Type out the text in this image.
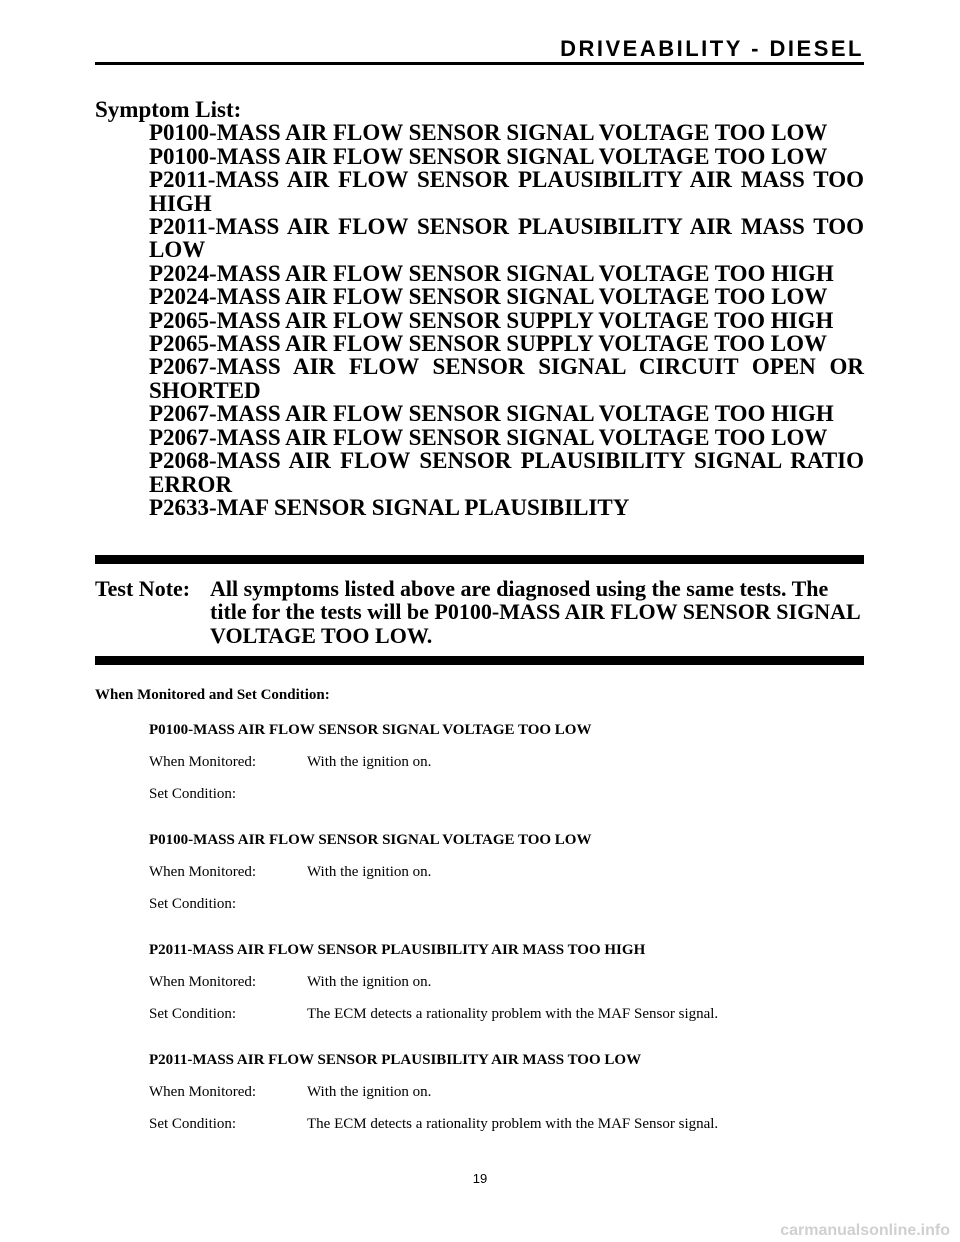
DRIVEABILITY - DIESEL
Symptom List:
P0100-MASS AIR FLOW SENSOR SIGNAL VOLTAGE TOO LOW
P0100-MASS AIR FLOW SENSOR SIGNAL VOLTAGE TOO LOW
P2011-MASS AIR FLOW SENSOR PLAUSIBILITY AIR MASS TOO HIGH
P2011-MASS AIR FLOW SENSOR PLAUSIBILITY AIR MASS TOO LOW
P2024-MASS AIR FLOW SENSOR SIGNAL VOLTAGE TOO HIGH
P2024-MASS AIR FLOW SENSOR SIGNAL VOLTAGE TOO LOW
P2065-MASS AIR FLOW SENSOR SUPPLY VOLTAGE TOO HIGH
P2065-MASS AIR FLOW SENSOR SUPPLY VOLTAGE TOO LOW
P2067-MASS AIR FLOW SENSOR SIGNAL CIRCUIT OPEN OR SHORTED
P2067-MASS AIR FLOW SENSOR SIGNAL VOLTAGE TOO HIGH
P2067-MASS AIR FLOW SENSOR SIGNAL VOLTAGE TOO LOW
P2068-MASS AIR FLOW SENSOR PLAUSIBILITY SIGNAL RATIO ERROR
P2633-MAF SENSOR SIGNAL PLAUSIBILITY
Test Note: All symptoms listed above are diagnosed using the same tests. The title for the tests will be P0100-MASS AIR FLOW SENSOR SIGNAL VOLTAGE TOO LOW.
When Monitored and Set Condition:
P0100-MASS AIR FLOW SENSOR SIGNAL VOLTAGE TOO LOW
When Monitored:	With the ignition on.
Set Condition:
P0100-MASS AIR FLOW SENSOR SIGNAL VOLTAGE TOO LOW
When Monitored:	With the ignition on.
Set Condition:
P2011-MASS AIR FLOW SENSOR PLAUSIBILITY AIR MASS TOO HIGH
When Monitored:	With the ignition on.
Set Condition:	The ECM detects a rationality problem with the MAF Sensor signal.
P2011-MASS AIR FLOW SENSOR PLAUSIBILITY AIR MASS TOO LOW
When Monitored:	With the ignition on.
Set Condition:	The ECM detects a rationality problem with the MAF Sensor signal.
19
carmanualsonline.info
